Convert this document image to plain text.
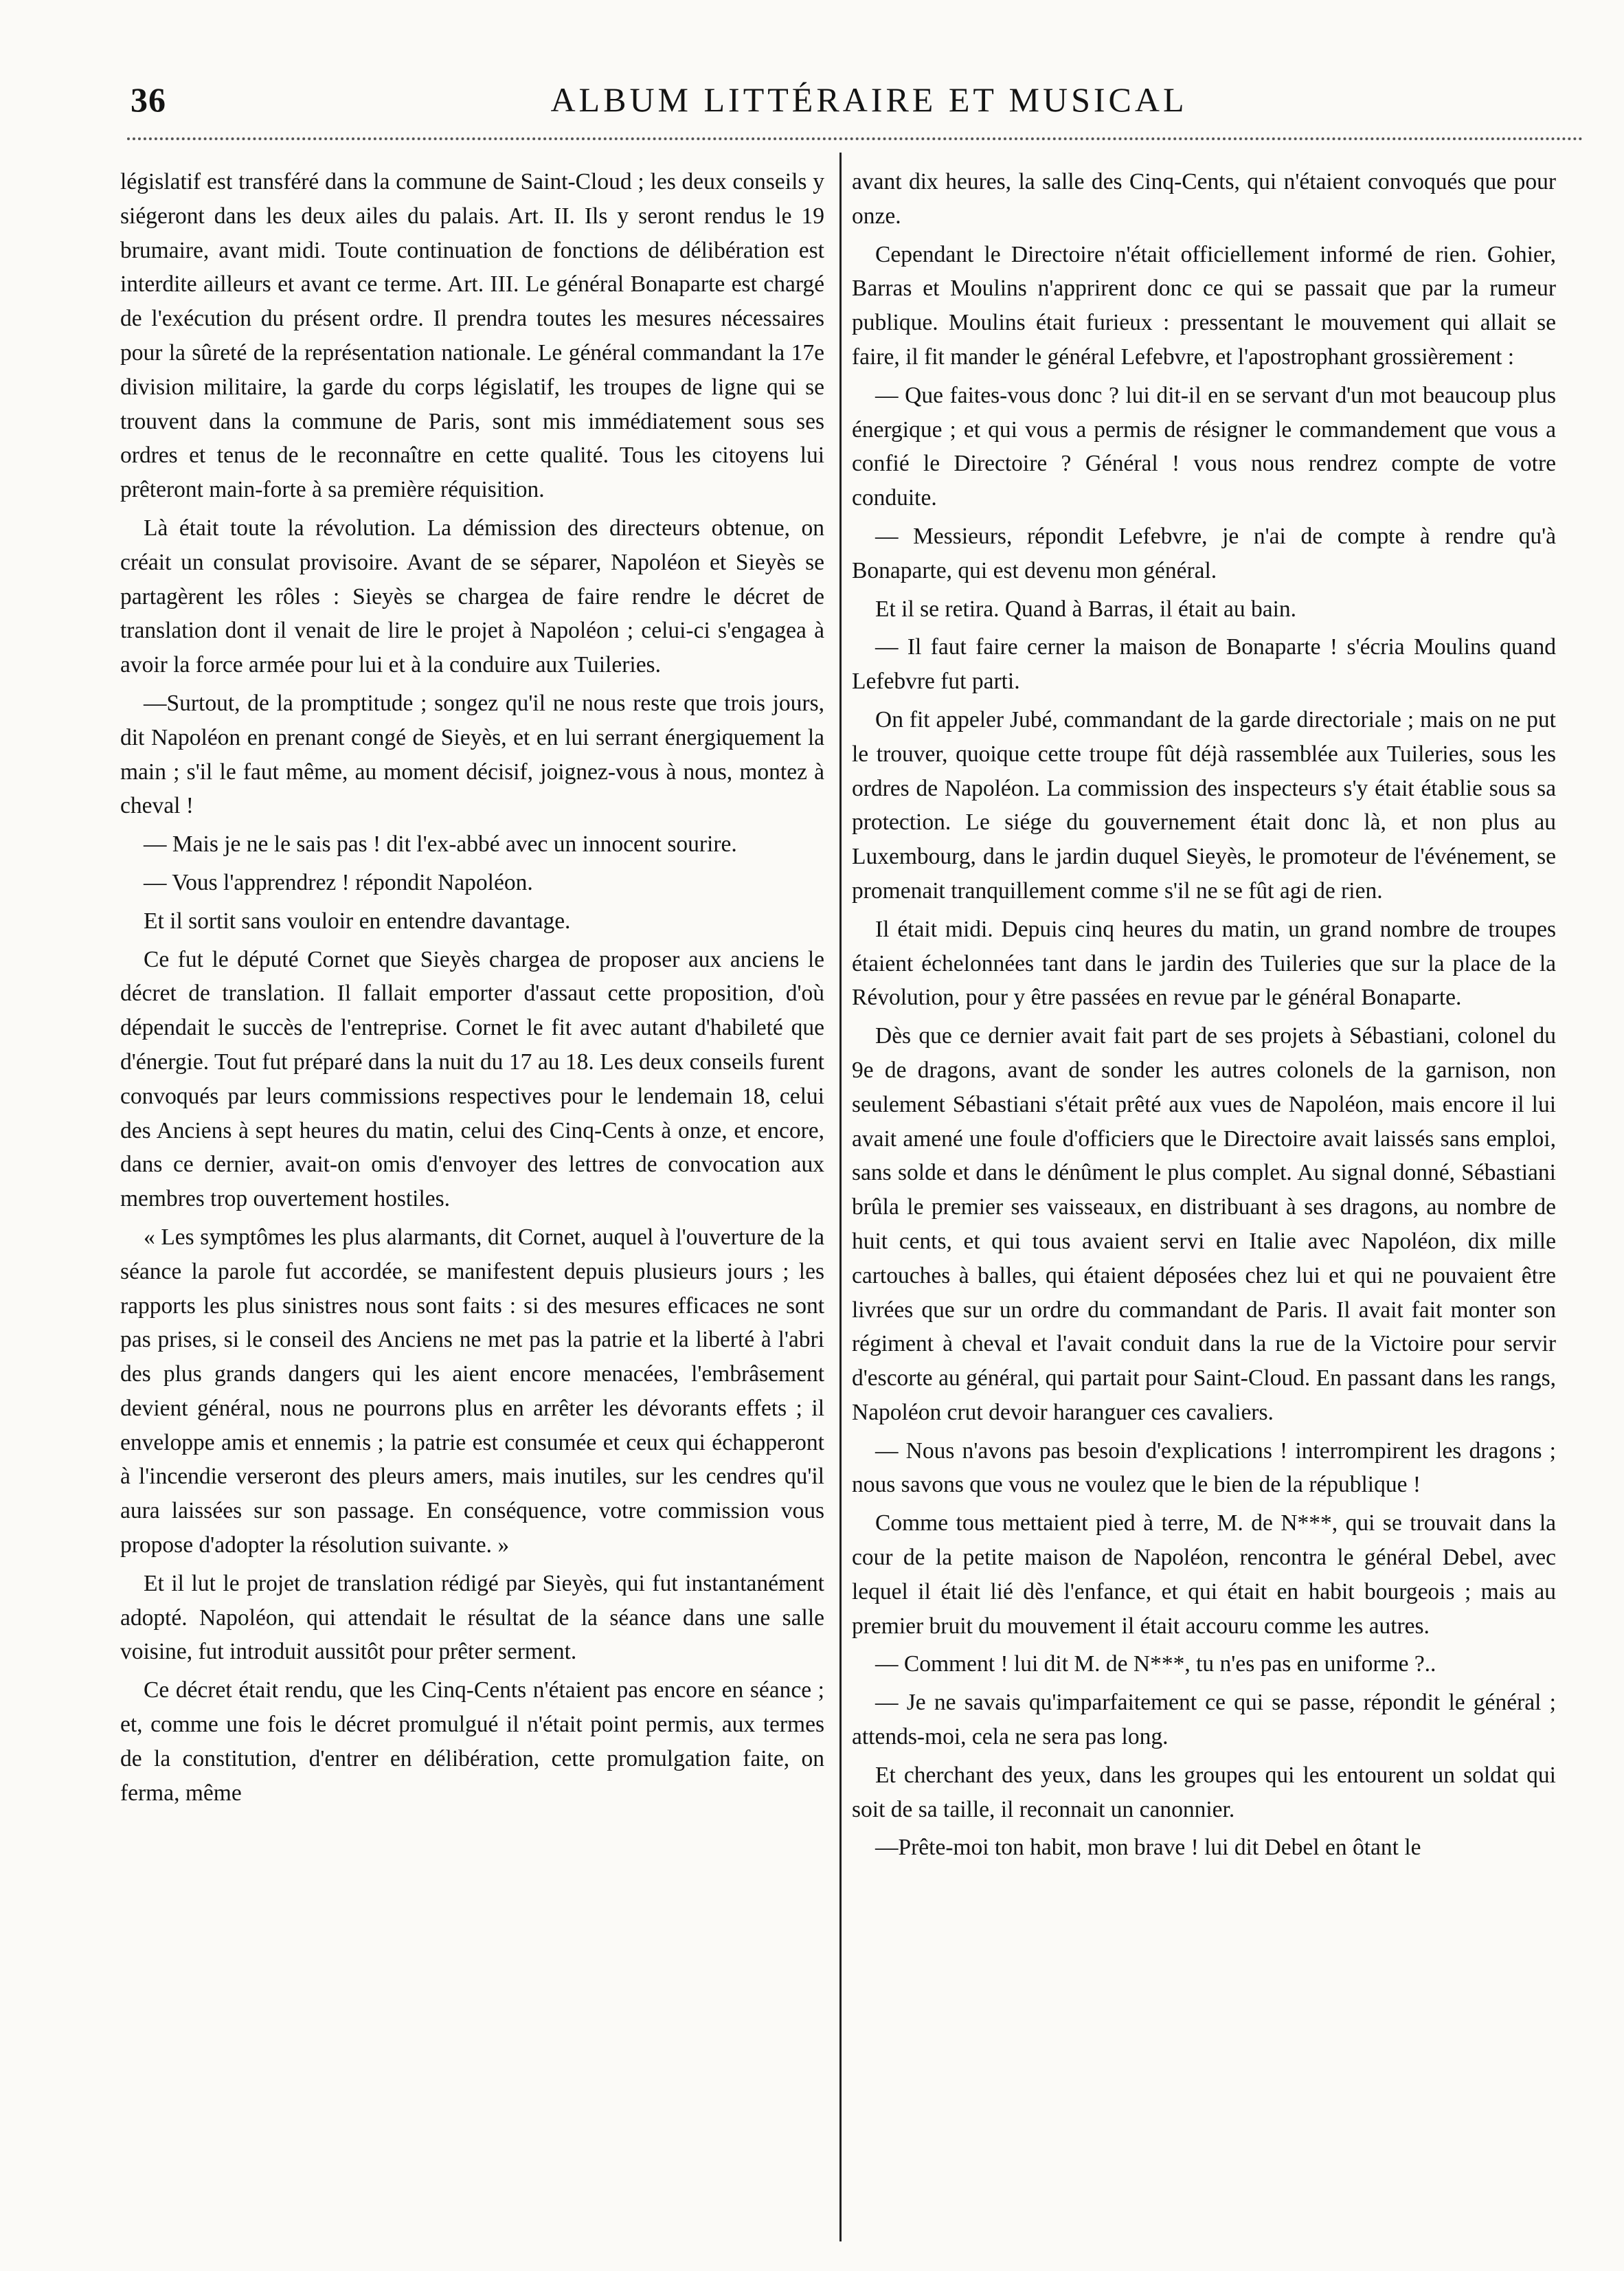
36	ALBUM LITTÉRAIRE ET MUSICAL

législatif est transféré dans la commune de Saint-Cloud ; les deux conseils y siégeront dans les deux ailes du palais. Art. II. Ils y seront rendus le 19 brumaire, avant midi. Toute continuation de fonctions de délibération est interdite ailleurs et avant ce terme. Art. III. Le général Bonaparte est chargé de l'exécution du présent ordre. Il prendra toutes les mesures nécessaires pour la sûreté de la représentation nationale. Le général commandant la 17e division militaire, la garde du corps législatif, les troupes de ligne qui se trouvent dans la commune de Paris, sont mis immédiatement sous ses ordres et tenus de le reconnaître en cette qualité. Tous les citoyens lui prêteront main-forte à sa première réquisition.

Là était toute la révolution. La démission des directeurs obtenue, on créait un consulat provisoire. Avant de se séparer, Napoléon et Sieyès se partagèrent les rôles : Sieyès se chargea de faire rendre le décret de translation dont il venait de lire le projet à Napoléon ; celui-ci s'engagea à avoir la force armée pour lui et à la conduire aux Tuileries.

—Surtout, de la promptitude ; songez qu'il ne nous reste que trois jours, dit Napoléon en prenant congé de Sieyès, et en lui serrant énergiquement la main ; s'il le faut même, au moment décisif, joignez-vous à nous, montez à cheval !

— Mais je ne le sais pas ! dit l'ex-abbé avec un innocent sourire.

— Vous l'apprendrez ! répondit Napoléon.

Et il sortit sans vouloir en entendre davantage.

Ce fut le député Cornet que Sieyès chargea de proposer aux anciens le décret de translation. Il fallait emporter d'assaut cette proposition, d'où dépendait le succès de l'entreprise. Cornet le fit avec autant d'habileté que d'énergie. Tout fut préparé dans la nuit du 17 au 18. Les deux conseils furent convoqués par leurs commissions respectives pour le lendemain 18, celui des Anciens à sept heures du matin, celui des Cinq-Cents à onze, et encore, dans ce dernier, avait-on omis d'envoyer des lettres de convocation aux membres trop ouvertement hostiles.

« Les symptômes les plus alarmants, dit Cornet, auquel à l'ouverture de la séance la parole fut accordée, se manifestent depuis plusieurs jours ; les rapports les plus sinistres nous sont faits : si des mesures efficaces ne sont pas prises, si le conseil des Anciens ne met pas la patrie et la liberté à l'abri des plus grands dangers qui les aient encore menacées, l'embrâsement devient général, nous ne pourrons plus en arrêter les dévorants effets ; il enveloppe amis et ennemis ; la patrie est consumée et ceux qui échapperont à l'incendie verseront des pleurs amers, mais inutiles, sur les cendres qu'il aura laissées sur son passage. En conséquence, votre commission vous propose d'adopter la résolution suivante. »

Et il lut le projet de translation rédigé par Sieyès, qui fut instantanément adopté. Napoléon, qui attendait le résultat de la séance dans une salle voisine, fut introduit aussitôt pour prêter serment.

Ce décret était rendu, que les Cinq-Cents n'étaient pas encore en séance ; et, comme une fois le décret promulgué il n'était point permis, aux termes de la constitution, d'entrer en délibération, cette promulgation faite, on ferma, même

avant dix heures, la salle des Cinq-Cents, qui n'étaient convoqués que pour onze.

Cependant le Directoire n'était officiellement informé de rien. Gohier, Barras et Moulins n'apprirent donc ce qui se passait que par la rumeur publique. Moulins était furieux : pressentant le mouvement qui allait se faire, il fit mander le général Lefebvre, et l'apostrophant grossièrement :

— Que faites-vous donc ? lui dit-il en se servant d'un mot beaucoup plus énergique ; et qui vous a permis de résigner le commandement que vous a confié le Directoire ? Général ! vous nous rendrez compte de votre conduite.

— Messieurs, répondit Lefebvre, je n'ai de compte à rendre qu'à Bonaparte, qui est devenu mon général.

Et il se retira. Quand à Barras, il était au bain.

— Il faut faire cerner la maison de Bonaparte ! s'écria Moulins quand Lefebvre fut parti.

On fit appeler Jubé, commandant de la garde directoriale ; mais on ne put le trouver, quoique cette troupe fût déjà rassemblée aux Tuileries, sous les ordres de Napoléon. La commission des inspecteurs s'y était établie sous sa protection. Le siége du gouvernement était donc là, et non plus au Luxembourg, dans le jardin duquel Sieyès, le promoteur de l'événement, se promenait tranquillement comme s'il ne se fût agi de rien.

Il était midi. Depuis cinq heures du matin, un grand nombre de troupes étaient échelonnées tant dans le jardin des Tuileries que sur la place de la Révolution, pour y être passées en revue par le général Bonaparte.

Dès que ce dernier avait fait part de ses projets à Sébastiani, colonel du 9e de dragons, avant de sonder les autres colonels de la garnison, non seulement Sébastiani s'était prêté aux vues de Napoléon, mais encore il lui avait amené une foule d'officiers que le Directoire avait laissés sans emploi, sans solde et dans le dénûment le plus complet. Au signal donné, Sébastiani brûla le premier ses vaisseaux, en distribuant à ses dragons, au nombre de huit cents, et qui tous avaient servi en Italie avec Napoléon, dix mille cartouches à balles, qui étaient déposées chez lui et qui ne pouvaient être livrées que sur un ordre du commandant de Paris. Il avait fait monter son régiment à cheval et l'avait conduit dans la rue de la Victoire pour servir d'escorte au général, qui partait pour Saint-Cloud. En passant dans les rangs, Napoléon crut devoir haranguer ces cavaliers.

— Nous n'avons pas besoin d'explications ! interrompirent les dragons ; nous savons que vous ne voulez que le bien de la république !

Comme tous mettaient pied à terre, M. de N***, qui se trouvait dans la cour de la petite maison de Napoléon, rencontra le général Debel, avec lequel il était lié dès l'enfance, et qui était en habit bourgeois ; mais au premier bruit du mouvement il était accouru comme les autres.

— Comment ! lui dit M. de N***, tu n'es pas en uniforme ?..

— Je ne savais qu'imparfaitement ce qui se passe, répondit le général ; attends-moi, cela ne sera pas long.

Et cherchant des yeux, dans les groupes qui les entourent un soldat qui soit de sa taille, il reconnait un canonnier.

—Prête-moi ton habit, mon brave ! lui dit Debel en ôtant le
